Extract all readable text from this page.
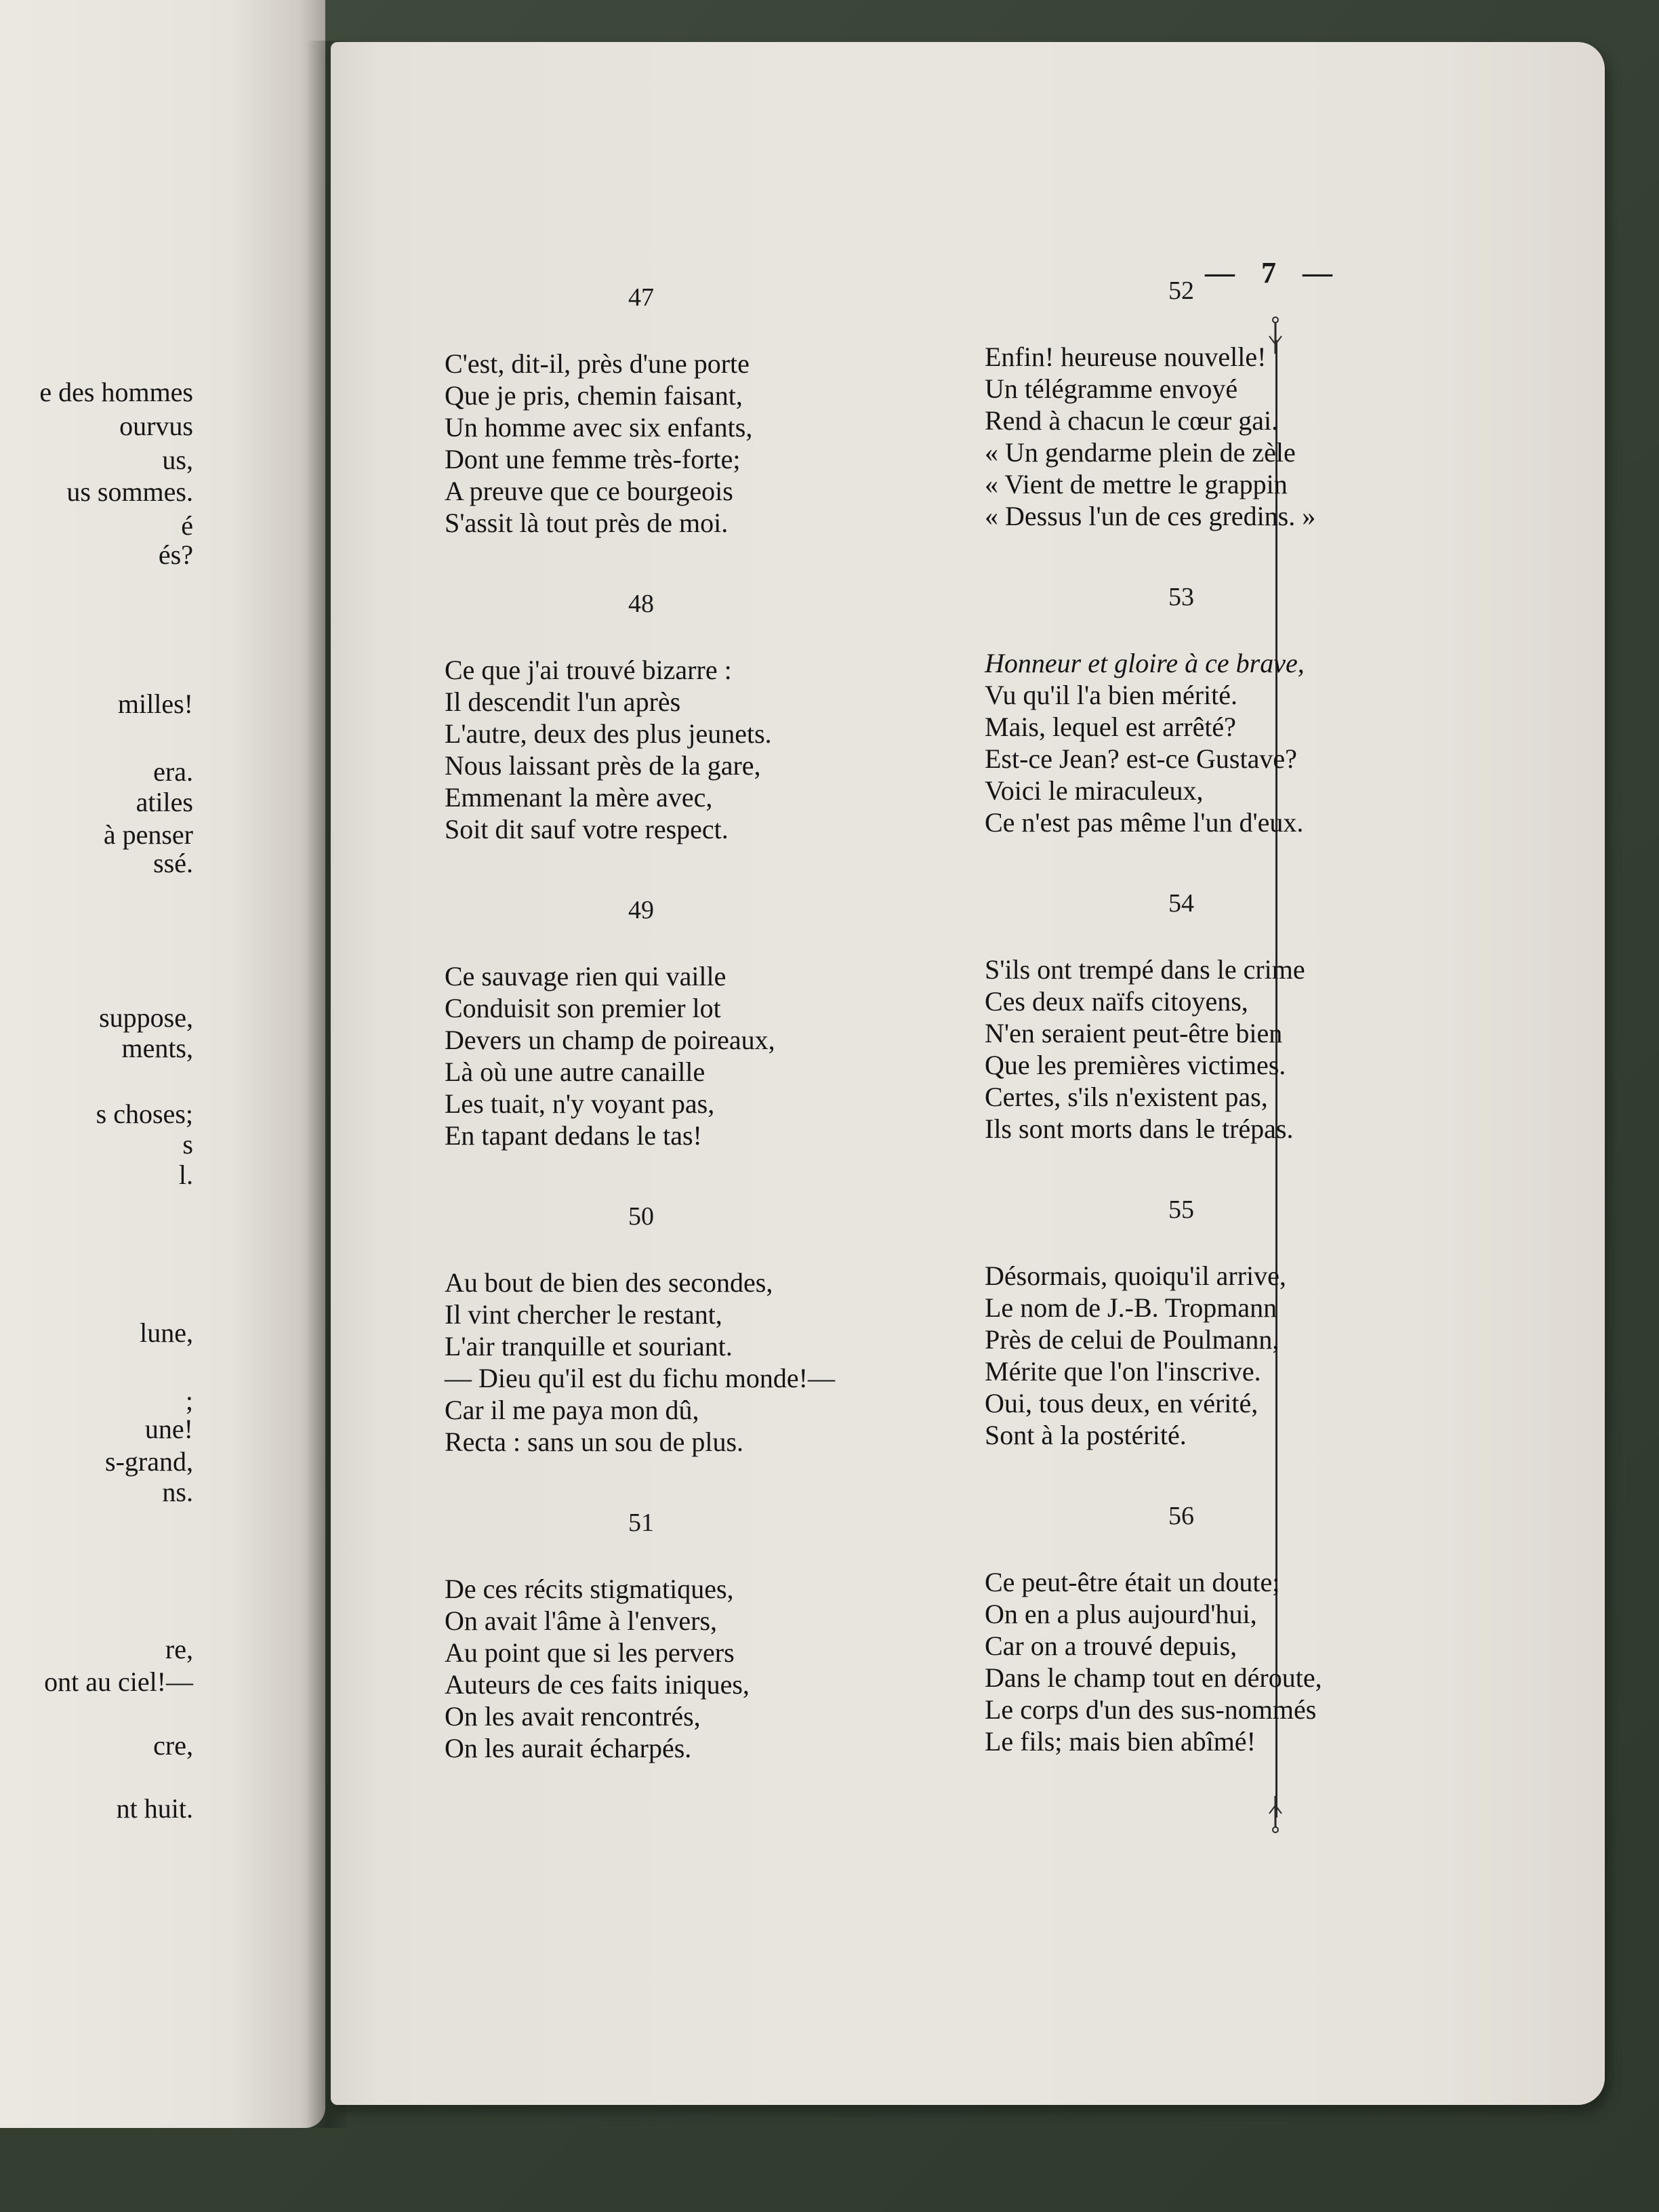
e des hommes
ourvus
us,
us sommes.
é
és?
milles!
era.
atiles
à penser
ssé.
suppose,
ments,
s choses;
s
l.
lune,
;
une!
s-grand,
ns.
re,
ont au ciel!—
cre,
nt huit.
— 7 —
47
C'est, dit-il, près d'une porte
Que je pris, chemin faisant,
Un homme avec six enfants,
Dont une femme très-forte;
A preuve que ce bourgeois
S'assit là tout près de moi.
48
Ce que j'ai trouvé bizarre :
Il descendit l'un après
L'autre, deux des plus jeunets.
Nous laissant près de la gare,
Emmenant la mère avec,
Soit dit sauf votre respect.
49
Ce sauvage rien qui vaille
Conduisit son premier lot
Devers un champ de poireaux,
Là où une autre canaille
Les tuait, n'y voyant pas,
En tapant dedans le tas!
50
Au bout de bien des secondes,
Il vint chercher le restant,
L'air tranquille et souriant.
— Dieu qu'il est du fichu monde!—
Car il me paya mon dû,
Recta : sans un sou de plus.
51
De ces récits stigmatiques,
On avait l'âme à l'envers,
Au point que si les pervers
Auteurs de ces faits iniques,
On les avait rencontrés,
On les aurait écharpés.
52
Enfin! heureuse nouvelle!
Un télégramme envoyé
Rend à chacun le cœur gai.
« Un gendarme plein de zèle
« Vient de mettre le grappin
« Dessus l'un de ces gredins. »
53
Honneur et gloire à ce brave,
Vu qu'il l'a bien mérité.
Mais, lequel est arrêté?
Est-ce Jean? est-ce Gustave?
Voici le miraculeux,
Ce n'est pas même l'un d'eux.
54
S'ils ont trempé dans le crime
Ces deux naïfs citoyens,
N'en seraient peut-être bien
Que les premières victimes.
Certes, s'ils n'existent pas,
Ils sont morts dans le trépas.
55
Désormais, quoiqu'il arrive,
Le nom de J.-B. Tropmann
Près de celui de Poulmann,
Mérite que l'on l'inscrive.
Oui, tous deux, en vérité,
Sont à la postérité.
56
Ce peut-être était un doute;
On en a plus aujourd'hui,
Car on a trouvé depuis,
Dans le champ tout en déroute,
Le corps d'un des sus-nommés
Le fils; mais bien abîmé!
